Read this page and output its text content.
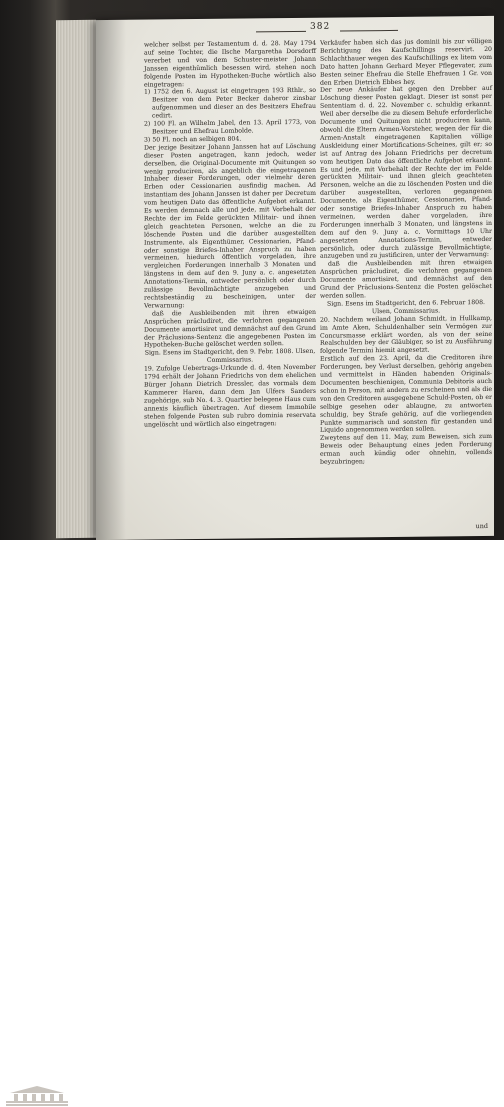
382

welcher selbst per Testamentum d. d. 28. May 1794 auf seine Tochter, die Ilsche Margaretha Dorsdorff vererbet und von dem Schuster-meister Johann Janssen eigenthümlich besessen wird, stehen noch folgende Posten im Hypotheken-Buche wörtlich also eingetragen:

1) 1752 den 6. August ist eingetragen 193 Rthlr., so Besitzer von dem Peter Becker daheror zinsbar aufgenommen und dieser an des Besitzers Ehefrau cedirt.

2) 100 Fl. an Wilhelm Jabel, den 13. April 1773, von Besitzer und Ehefrau Lombolde.

3) 50 Fl. noch an selbigen 804.

Der jezige Besitzer Johann Janssen hat auf Löschung dieser Posten angetragen, kann jedoch, weder derselben, die Original-Documente mit Quitungen so wenig produciren, als angeblich die eingetragenen Inhaber dieser Forderungen, oder vielmehr deren Erben oder Cessionarien ausfindig machen. Ad instantiam des Johann Janssen ist daher per Decretum vom heutigen Dato das öffentliche Aufgebot erkannt. Es werden demnach alle und jede, mit Vorbehalt der Rechte der im Felde gerückten Militair- und ihnen gleich geachteten Personen, welche an die zu löschende Posten und die darüber ausgestellten Instrumente, als Eigenthümer, Cessionarien, Pfand- oder sonstige Briefes-Inhaber Anspruch zu haben vermeinen, hiedurch öffentlich vorgeladen, ihre vergleichen Forderungen innerhalb 3 Monaten und längstens in dem auf den 9. Juny a. c. angesetzten Annotations-Termin, entweder persönlich oder durch zulässige Bevollmächtigte anzugeben und rechtsbeständig zu bescheinigen, unter der Verwarnung:

daß die Ausbleibenden mit ihren etwaigen Ansprüchen präcludiret, die verlohren gegangenen Documente amortisiret und demnächst auf den Grund der Präclusions-Sentenz die angegebenen Posten im Hypotheken-Buche gelöschet werden sollen.

Sign. Esens im Stadtgericht, den 9. Febr. 1808. Ulsen, Commissarius.

19. Zufolge Uebertrags-Urkunde d. d. 4ten November 1794 erhält der Johann Friedrichs von dem ehelichen Bürger Johann Dietrich Dressler, das vormals dem Kammerer Haren, dann dem Jan Ulfers Sanders zugehörige, sub No. 4. 3. Quartier belegene Haus cum annexis käuflich übertragen. Auf diesem Immobile stehen folgende Posten sub rubro dominia reservata ungelöscht und wörtlich also eingetragen:

Verkäufer haben sich das jus dominii bis zur völligen Berichtigung des Kaufschillings reservirt. 20 Schlachthauer wegen des Kaufschillings ex litem vom Dato hatten Johann Gerhard Meyer Pflegevater, zum Besten seiner Ehefrau die Stelle Ehefrauen 1 Gr. von den Erben Dietrich Ebbes hey.

Der neue Ankäufer hat gegen den Drebber auf Löschung dieser Posten geklagt. Dieser ist sonst per Sententiam d. d. 22. November c. schuldig erkannt. Weil aber derselbe die zu diesem Behufe erforderliche Documente und Quitungen nicht produciren kann, obwohl die Eltern Armen-Vorsteher, wegen der für die Armen-Anstalt eingetragenen Kapitalien völlige Auskleidung einer Mortifications-Scheines, gilt er; so ist auf Antrag des Johann Friedrichs per decretum vom heutigen Dato das öffentliche Aufgebot erkannt. Es und jede, mit Vorbehalt der Rechte der im Felde gerückten Militair- und ihnen gleich geachteten Personen, welche an die zu löschenden Posten und die darüber ausgestellten, verloren gegangenen Documente, als Eigenthümer, Cessionarien, Pfand- oder sonstige Briefes-Inhaber Anspruch zu haben vermeinen, werden daher vorgeladen, ihre Forderungen innerhalb 3 Monaten, und längstens in dem auf den 9. Juny a. c. Vormittags 10 Uhr angesetzten Annotations-Termin, entweder persönlich, oder durch zulässige Bevollmächtigte, anzugeben und zu justificiren, unter der Verwarnung:

daß die Ausbleibenden mit ihren etwaigen Ansprüchen präcludiret, die verlohren gegangenen Documente amortisiret, und demnächst auf den Grund der Präclusions-Sentenz die Posten gelöschet werden sollen.

Sign. Esens im Stadtgericht, den 6. Februar 1808. Ulsen, Commissarius.

20. Nachdem weiland Johann Schmidt, in Hullkamp, im Amte Aken, Schuldenhalber sein Vermögen zur Concursmasse erklärt worden, als von der seine Realschulden bey der Gläubiger, so ist zu Ausführung folgende Termini hiemit angesetzt.

Erstlich auf den 23. April, da die Creditoren ihre Forderungen, bey Verlust derselben, gehörig angeben und vermittelst in Händen habenden Originals-Documenten beschienigen, Communia Debitoris auch schon in Person, mit andern zu erscheinen und als die von den Creditoren ausgegebene Schuld-Posten, ob er selbige gesehen oder ablaugne, zu antworten schuldig, bey Strafe gehörig, auf die vorliegenden Punkte summarisch und sonsten für gestanden und Liquido angenommen werden sollen.

Zweytens auf den 11. May, zum Beweisen, sich zum Beweis oder Behauptung eines jeden Forderung erman auch kündig oder ohnehin, vollends beyzubringen;

und
